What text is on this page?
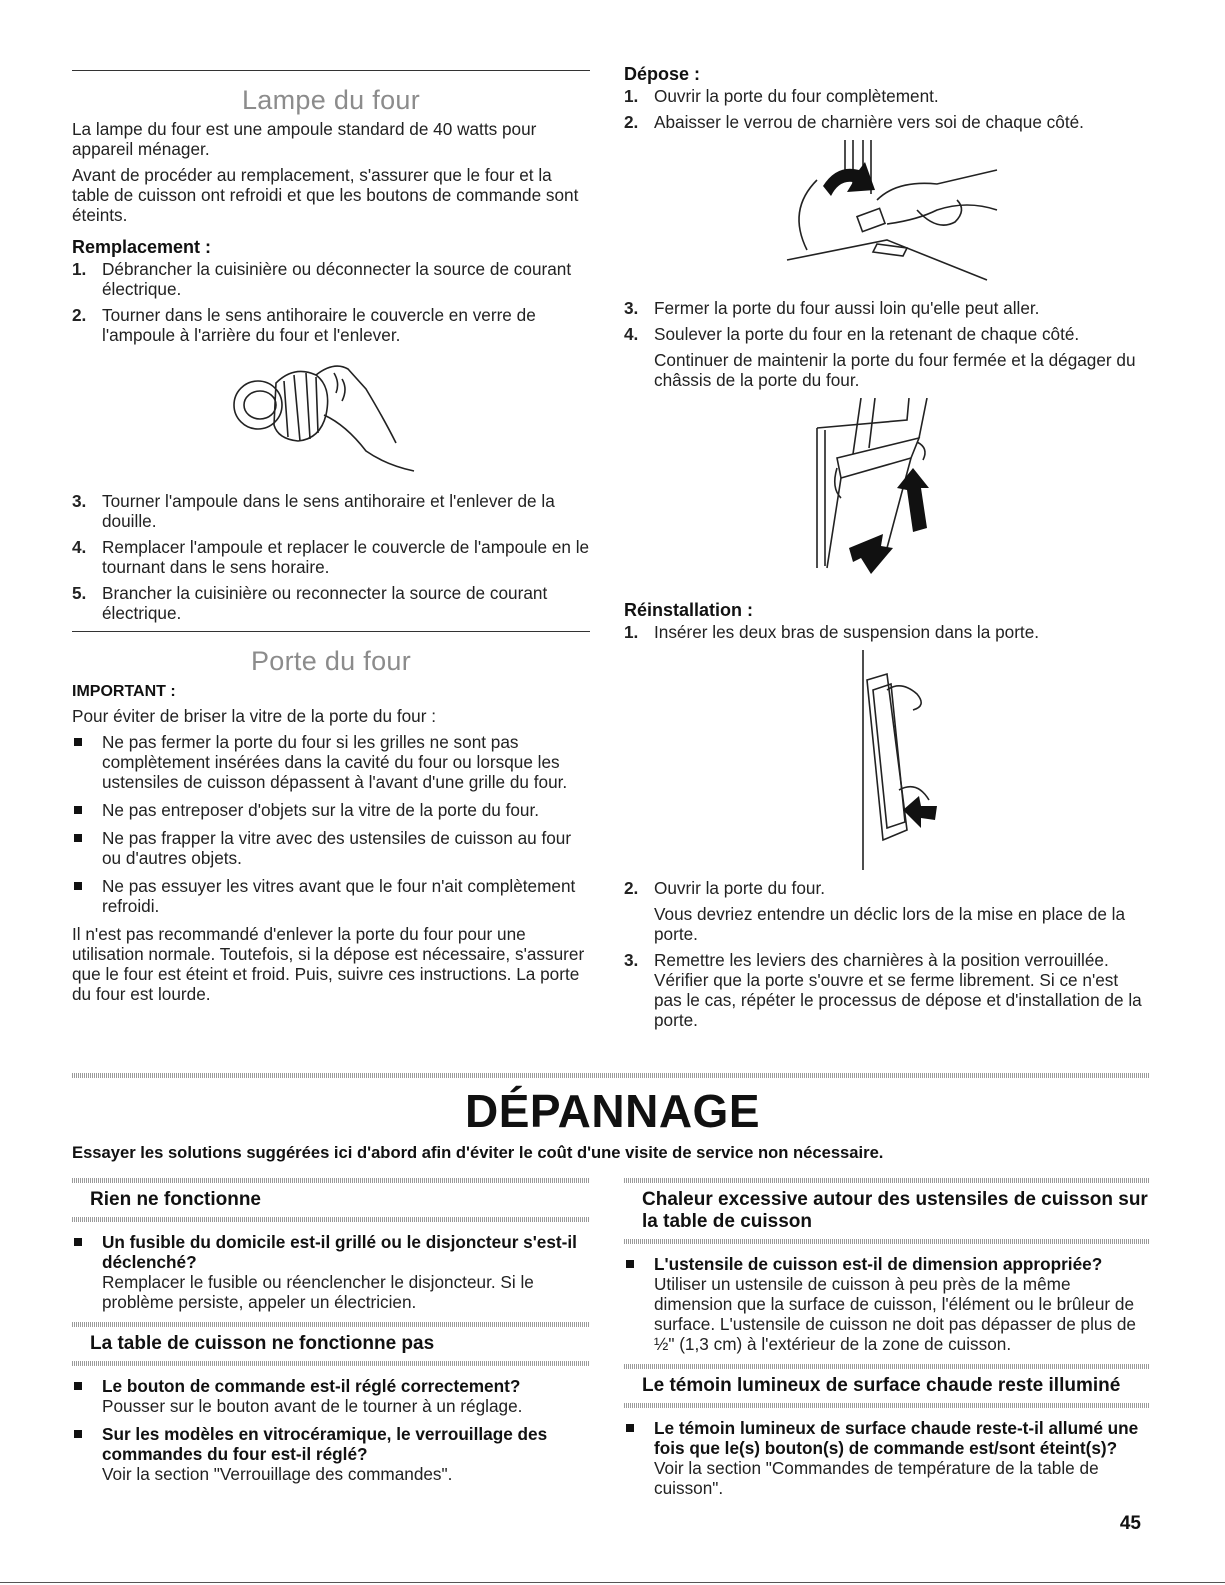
Lampe du four

La lampe du four est une ampoule standard de 40 watts pour appareil ménager.

Avant de procéder au remplacement, s'assurer que le four et la table de cuisson ont refroidi et que les boutons de commande sont éteints.

Remplacement :
1. Débrancher la cuisinière ou déconnecter la source de courant électrique.
2. Tourner dans le sens antihoraire le couvercle en verre de l'ampoule à l'arrière du four et l'enlever.
3. Tourner l'ampoule dans le sens antihoraire et l'enlever de la douille.
4. Remplacer l'ampoule et replacer le couvercle de l'ampoule en le tournant dans le sens horaire.
5. Brancher la cuisinière ou reconnecter la source de courant électrique.
Porte du four
IMPORTANT :

Pour éviter de briser la vitre de la porte du four :

Ne pas fermer la porte du four si les grilles ne sont pas complètement insérées dans la cavité du four ou lorsque les ustensiles de cuisson dépassent à l'avant d'une grille du four.
Ne pas entreposer d'objets sur la vitre de la porte du four.
Ne pas frapper la vitre avec des ustensiles de cuisson au four ou d'autres objets.
Ne pas essuyer les vitres avant que le four n'ait complètement refroidi.

Il n'est pas recommandé d'enlever la porte du four pour une utilisation normale. Toutefois, si la dépose est nécessaire, s'assurer que le four est éteint et froid. Puis, suivre ces instructions. La porte du four est lourde.

Dépose :
1. Ouvrir la porte du four complètement.
2. Abaisser le verrou de charnière vers soi de chaque côté.
3. Fermer la porte du four aussi loin qu'elle peut aller.
4. Soulever la porte du four en la retenant de chaque côté.
Continuer de maintenir la porte du four fermée et la dégager du châssis de la porte du four.
Réinstallation :
1. Insérer les deux bras de suspension dans la porte.
2. Ouvrir la porte du four.
Vous devriez entendre un déclic lors de la mise en place de la porte.
3. Remettre les leviers des charnières à la position verrouillée. Vérifier que la porte s'ouvre et se ferme librement. Si ce n'est pas le cas, répéter le processus de dépose et d'installation de la porte.
DÉPANNAGE
Essayer les solutions suggérées ici d'abord afin d'éviter le coût d'une visite de service non nécessaire.
Rien ne fonctionne
Un fusible du domicile est-il grillé ou le disjoncteur s'est-il déclenché?
Remplacer le fusible ou réenclencher le disjoncteur. Si le problème persiste, appeler un électricien.
La table de cuisson ne fonctionne pas
Le bouton de commande est-il réglé correctement?
Pousser sur le bouton avant de le tourner à un réglage.
Sur les modèles en vitrocéramique, le verrouillage des commandes du four est-il réglé?
Voir la section "Verrouillage des commandes".
Chaleur excessive autour des ustensiles de cuisson sur la table de cuisson
L'ustensile de cuisson est-il de dimension appropriée?
Utiliser un ustensile de cuisson à peu près de la même dimension que la surface de cuisson, l'élément ou le brûleur de surface. L'ustensile de cuisson ne doit pas dépasser de plus de ½" (1,3 cm) à l'extérieur de la zone de cuisson.
Le témoin lumineux de surface chaude reste illuminé
Le témoin lumineux de surface chaude reste-t-il allumé une fois que le(s) bouton(s) de commande est/sont éteint(s)?
Voir la section "Commandes de température de la table de cuisson".
45
